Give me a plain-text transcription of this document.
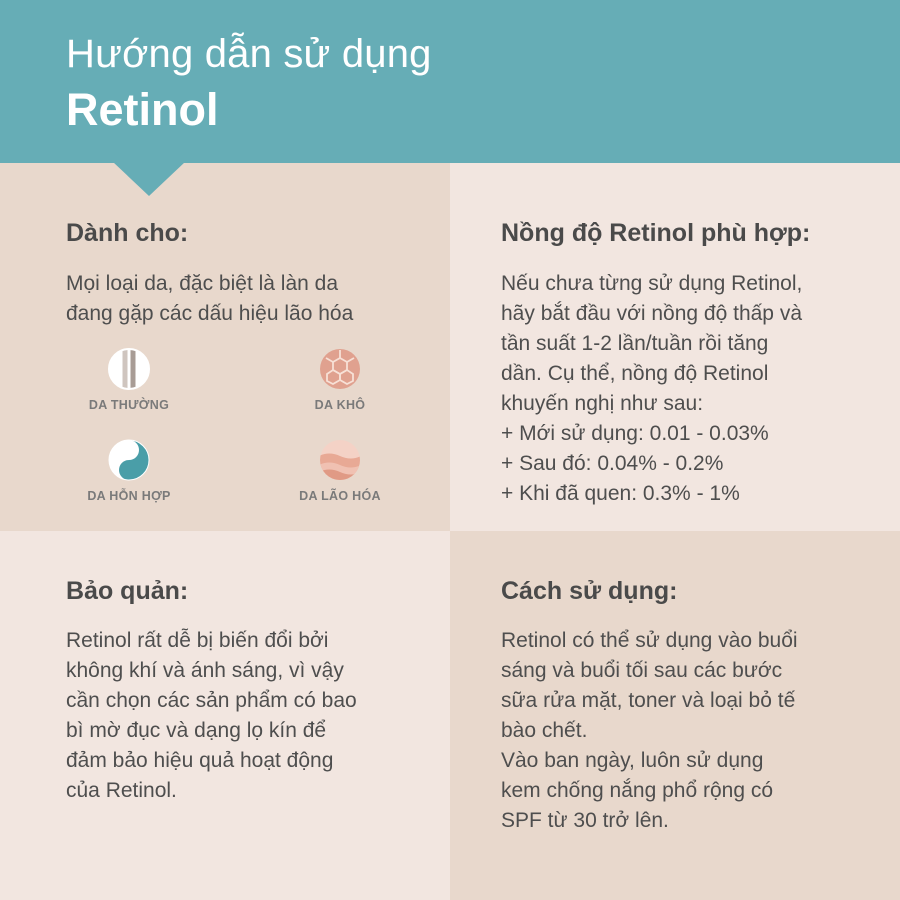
Hướng dẫn sử dụng
Retinol
Dành cho:
Mọi loại da, đặc biệt là làn da
đang gặp các dấu hiệu lão hóa
DA THƯỜNG	DA KHÔ
DA HỖN HỢP	DA LÃO HÓA
Nồng độ Retinol phù hợp:
Nếu chưa từng sử dụng Retinol,
hãy bắt đầu với nồng độ thấp và
tần suất 1-2 lần/tuần rồi tăng
dần. Cụ thể, nồng độ Retinol
khuyến nghị như sau:
+ Mới sử dụng: 0.01 - 0.03%
+ Sau đó: 0.04% - 0.2%
+ Khi đã quen: 0.3% - 1%
Bảo quản:
Retinol rất dễ bị biến đổi bởi
không khí và ánh sáng, vì vậy
cần chọn các sản phẩm có bao
bì mờ đục và dạng lọ kín để
đảm bảo hiệu quả hoạt động
của Retinol.
Cách sử dụng:
Retinol có thể sử dụng vào buổi
sáng và buổi tối sau các bước
sữa rửa mặt, toner và loại bỏ tế
bào chết.
Vào ban ngày, luôn sử dụng
kem chống nắng phổ rộng có
SPF từ 30 trở lên.
